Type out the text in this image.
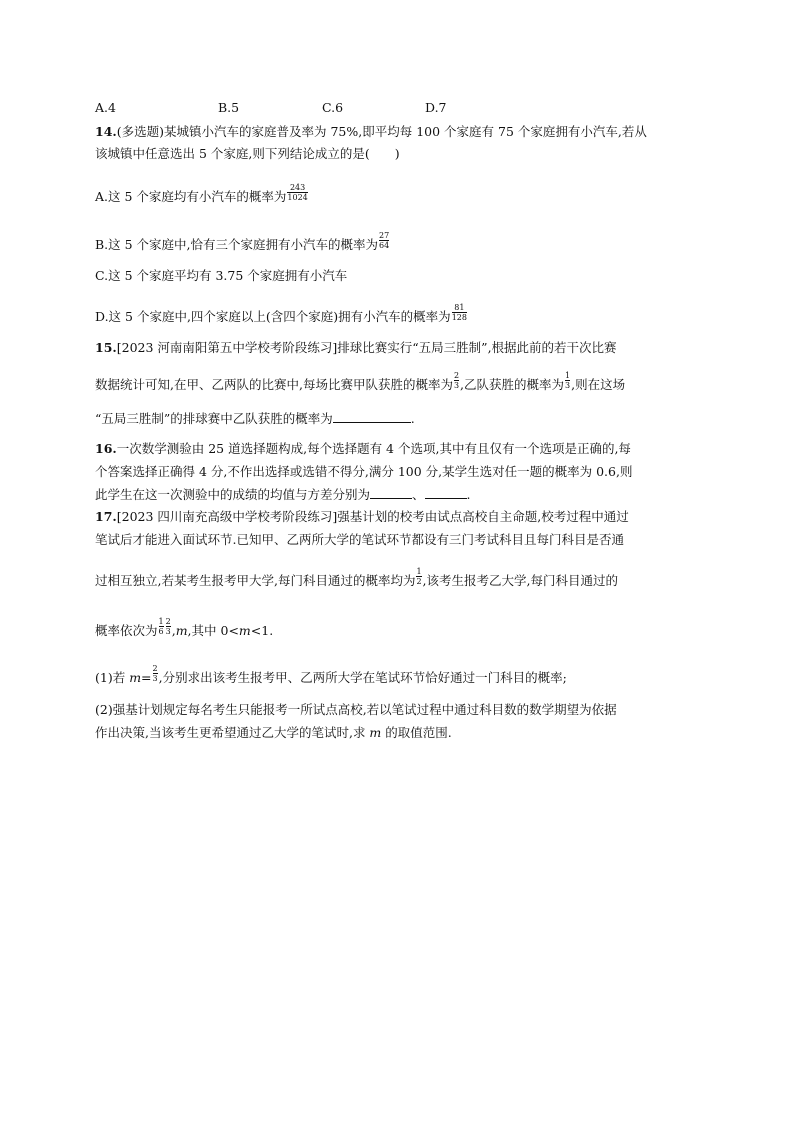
A.4	B.5	C.6	D.7
14.(多选题)某城镇小汽车的家庭普及率为 75%,即平均每 100 个家庭有 75 个家庭拥有小汽车,若从
该城镇中任意选出 5 个家庭,则下列结论成立的是(　　)
A.这 5 个家庭均有小汽车的概率为 $\frac{243}{1024}$
B.这 5 个家庭中,恰有三个家庭拥有小汽车的概率为 $\frac{27}{64}$
C.这 5 个家庭平均有 3.75 个家庭拥有小汽车
D.这 5 个家庭中,四个家庭以上(含四个家庭)拥有小汽车的概率为 $\frac{81}{128}$
15.[2023 河南南阳第五中学校考阶段练习]排球比赛实行“五局三胜制”,根据此前的若干次比赛
数据统计可知,在甲、乙两队的比赛中,每场比赛甲队获胜的概率为 $\frac{2}{3}$ ,乙队获胜的概率为 $\frac{1}{3}$ ,则在这场
“五局三胜制”的排球赛中乙队获胜的概率为	.
16.一次数学测验由 25 道选择题构成,每个选择题有 4 个选项,其中有且仅有一个选项是正确的,每
个答案选择正确得 4 分,不作出选择或选错不得分,满分 100 分,某学生选对任一题的概率为 0.6,则
此学生在这一次测验中的成绩的均值与方差分别为	、	.
17.[2023 四川南充高级中学校考阶段练习]强基计划的校考由试点高校自主命题,校考过程中通过
笔试后才能进入面试环节.已知甲、乙两所大学的笔试环节都设有三门考试科目且每门科目是否通
过相互独立,若某考生报考甲大学,每门科目通过的概率均为 $\frac{1}{2}$ ,该考生报考乙大学,每门科目通过的
概率依次为 $\frac{1}{6} \frac{2}{3} ,m$,其中 0<m<1.
(1)若 $m= \frac{2}{3}$ ,分别求出该考生报考甲、乙两所大学在笔试环节恰好通过一门科目的概率;
(2)强基计划规定每名考生只能报考一所试点高校,若以笔试过程中通过科目数的数学期望为依据
作出决策,当该考生更希望通过乙大学的笔试时,求 m 的取值范围.
